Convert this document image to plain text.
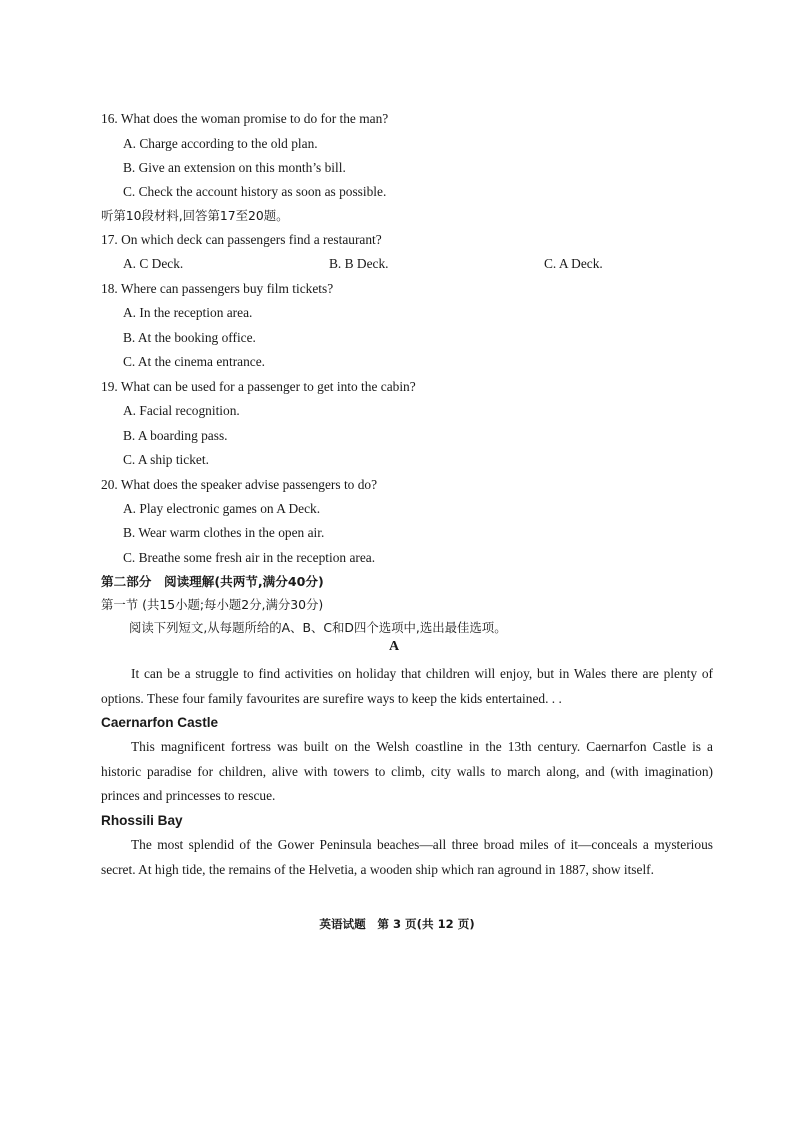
16. What does the woman promise to do for the man?
A. Charge according to the old plan.
B. Give an extension on this month’s bill.
C. Check the account history as soon as possible.
听第10段材料,回答第17至20题。
17. On which deck can passengers find a restaurant?
A. C Deck.	B. B Deck.	C. A Deck.
18. Where can passengers buy film tickets?
A. In the reception area.
B. At the booking office.
C. At the cinema entrance.
19. What can be used for a passenger to get into the cabin?
A. Facial recognition.
B. A boarding pass.
C. A ship ticket.
20. What does the speaker advise passengers to do?
A. Play electronic games on A Deck.
B. Wear warm clothes in the open air.
C. Breathe some fresh air in the reception area.
第二部分　阅读理解(共两节,满分40分)
第一节 (共15小题;每小题2分,满分30分)
阅读下列短文,从每题所给的A、B、C和D四个选项中,选出最佳选项。
A

It can be a struggle to find activities on holiday that children will enjoy, but in Wales there are plenty of options. These four family favourites are surefire ways to keep the kids entertained. . .

Caernarfon Castle

This magnificent fortress was built on the Welsh coastline in the 13th century. Caernarfon Castle is a historic paradise for children, alive with towers to climb, city walls to march along, and (with imagination) princes and princesses to rescue.

Rhossili Bay

The most splendid of the Gower Peninsula beaches—all three broad miles of it—conceals a mysterious secret. At high tide, the remains of the Helvetia, a wooden ship which ran aground in 1887, show itself.

英语试题　第 3 页(共 12 页)
